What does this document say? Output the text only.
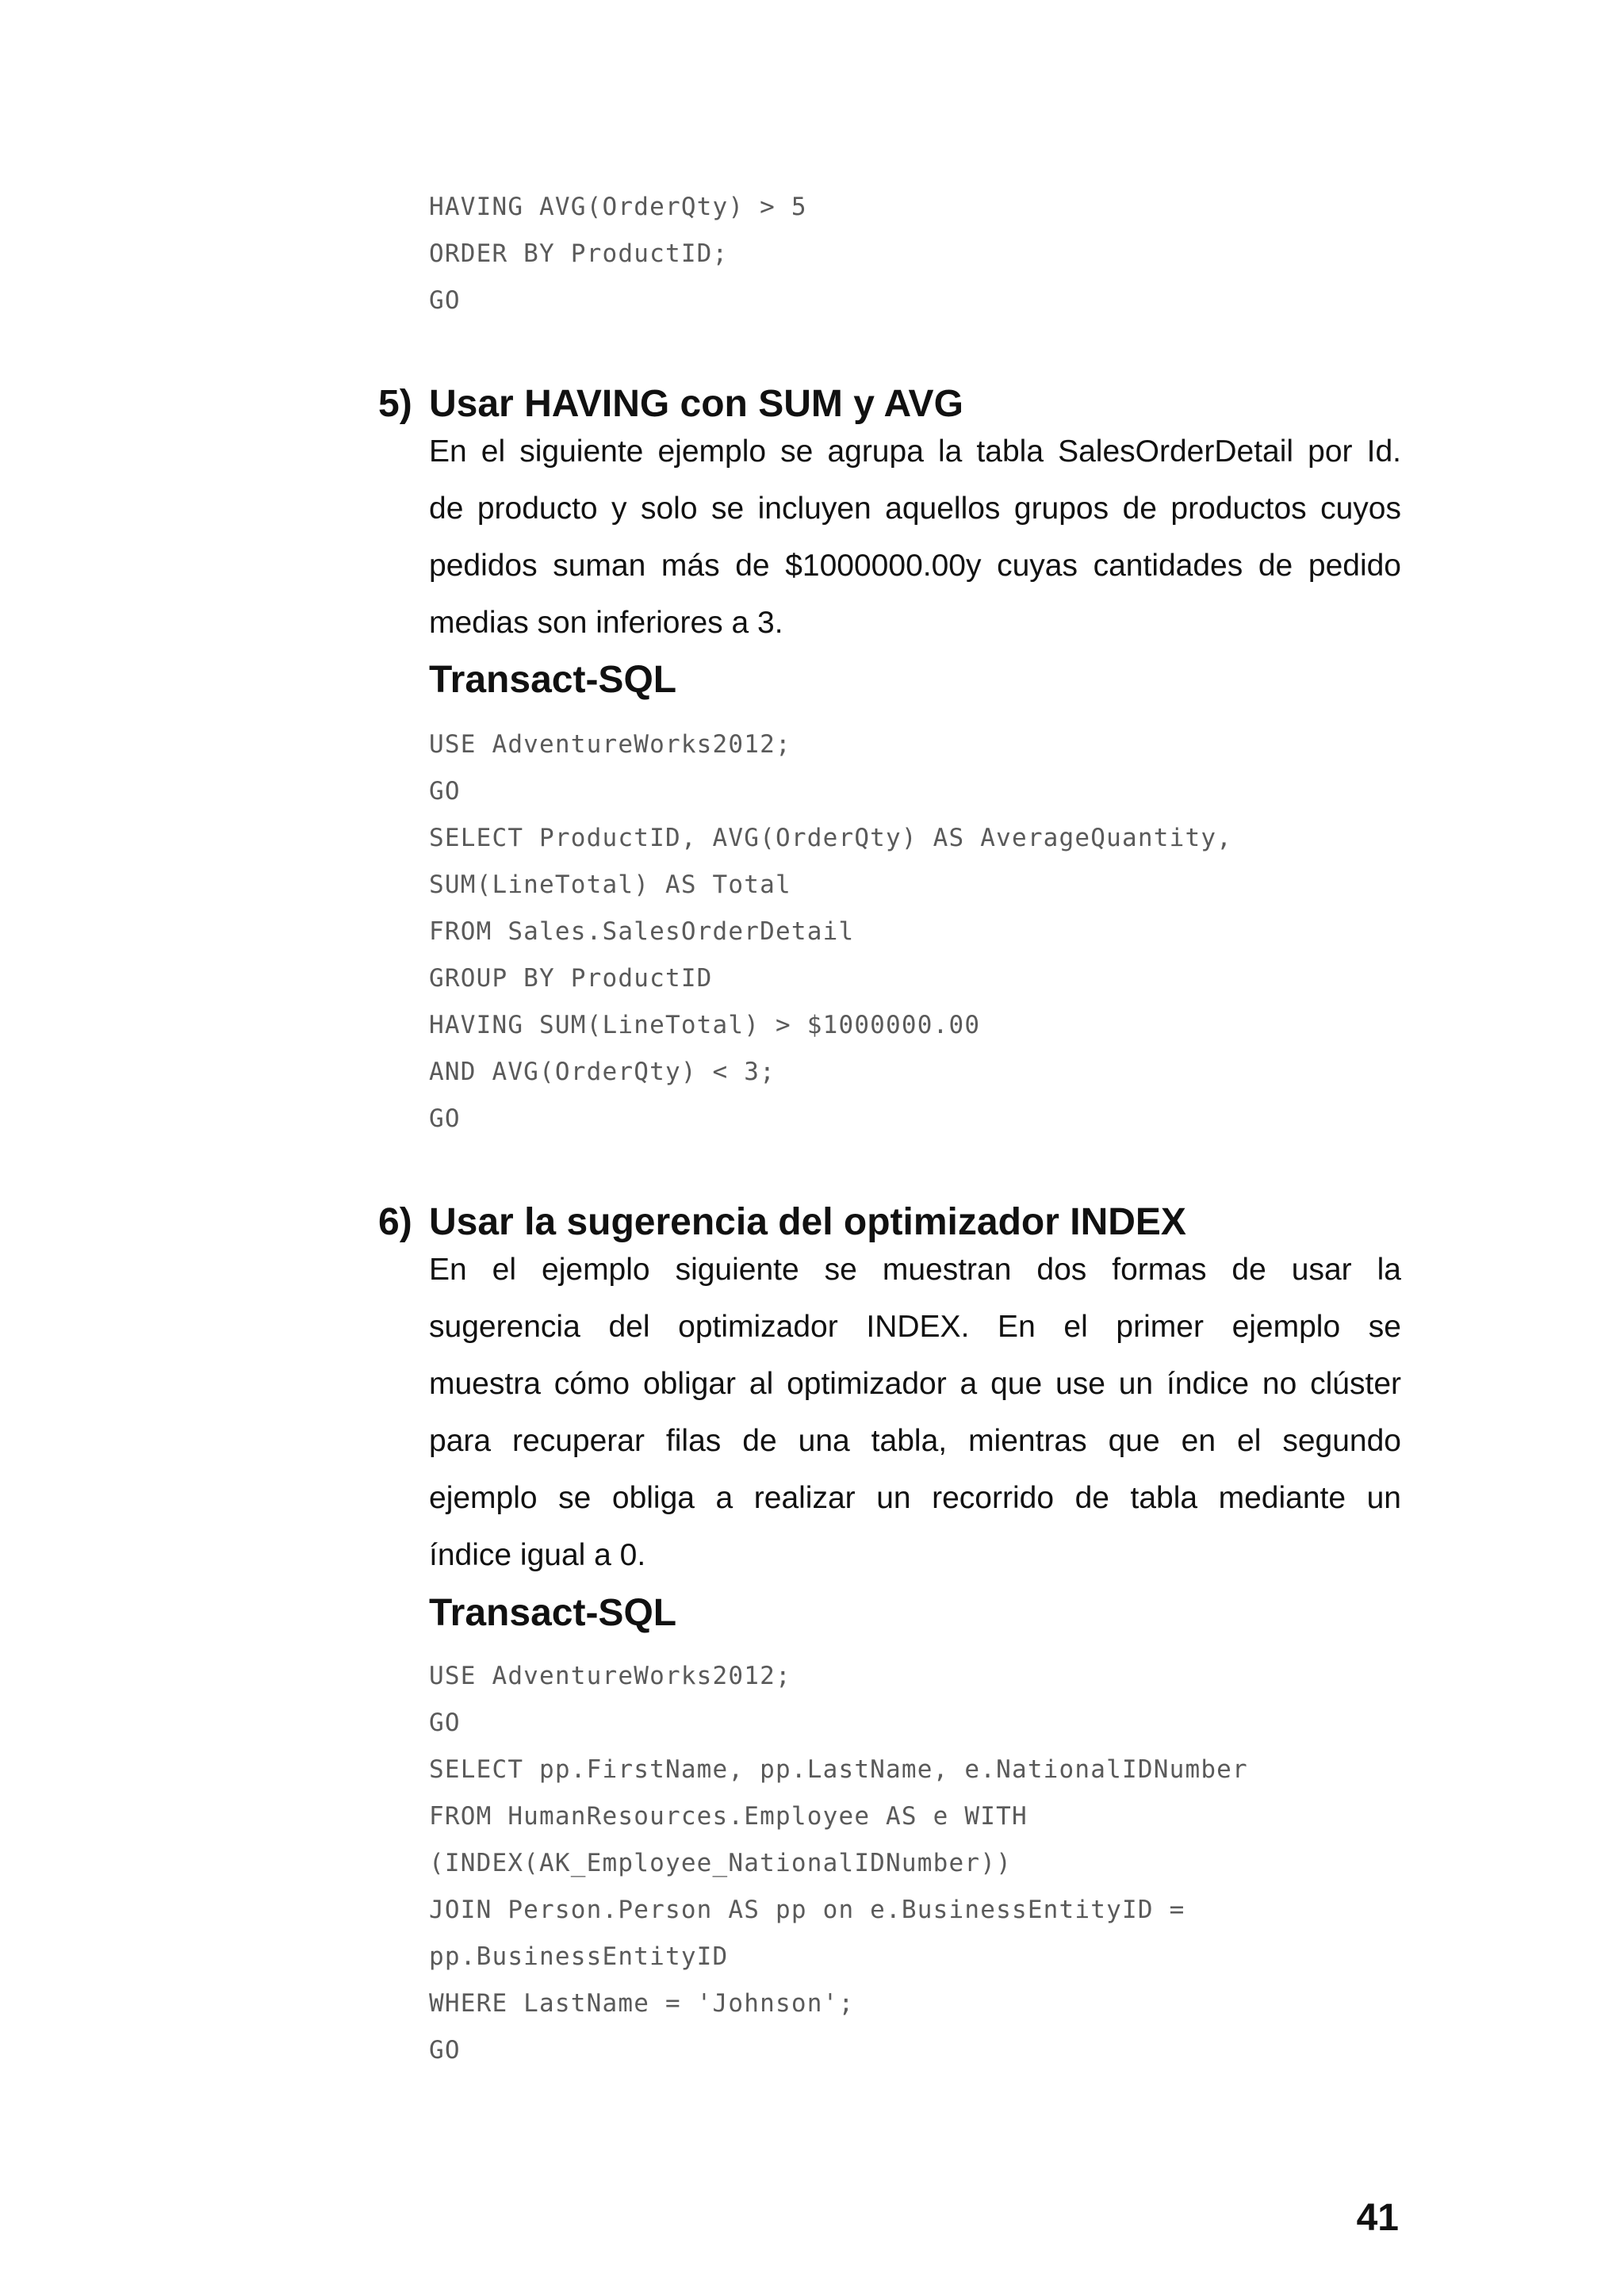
HAVING AVG(OrderQty) > 5
ORDER BY ProductID;
GO
5) Usar HAVING con SUM y AVG
En el siguiente ejemplo se agrupa la tabla SalesOrderDetail por Id.
de producto y solo se incluyen aquellos grupos de productos cuyos
pedidos suman más de $1000000.00y cuyas cantidades de pedido
medias son inferiores a 3.
Transact-SQL
USE AdventureWorks2012;
GO
SELECT ProductID, AVG(OrderQty) AS AverageQuantity,
SUM(LineTotal) AS Total
FROM Sales.SalesOrderDetail
GROUP BY ProductID
HAVING SUM(LineTotal) > $1000000.00
AND AVG(OrderQty) < 3;
GO
6) Usar la sugerencia del optimizador INDEX
En el ejemplo siguiente se muestran dos formas de usar la
sugerencia del optimizador INDEX. En el primer ejemplo se
muestra cómo obligar al optimizador a que use un índice no clúster
para recuperar filas de una tabla, mientras que en el segundo
ejemplo se obliga a realizar un recorrido de tabla mediante un
índice igual a 0.
Transact-SQL
USE AdventureWorks2012;
GO
SELECT pp.FirstName, pp.LastName, e.NationalIDNumber
FROM HumanResources.Employee AS e WITH
(INDEX(AK_Employee_NationalIDNumber))
JOIN Person.Person AS pp on e.BusinessEntityID =
pp.BusinessEntityID
WHERE LastName = 'Johnson';
GO
41
